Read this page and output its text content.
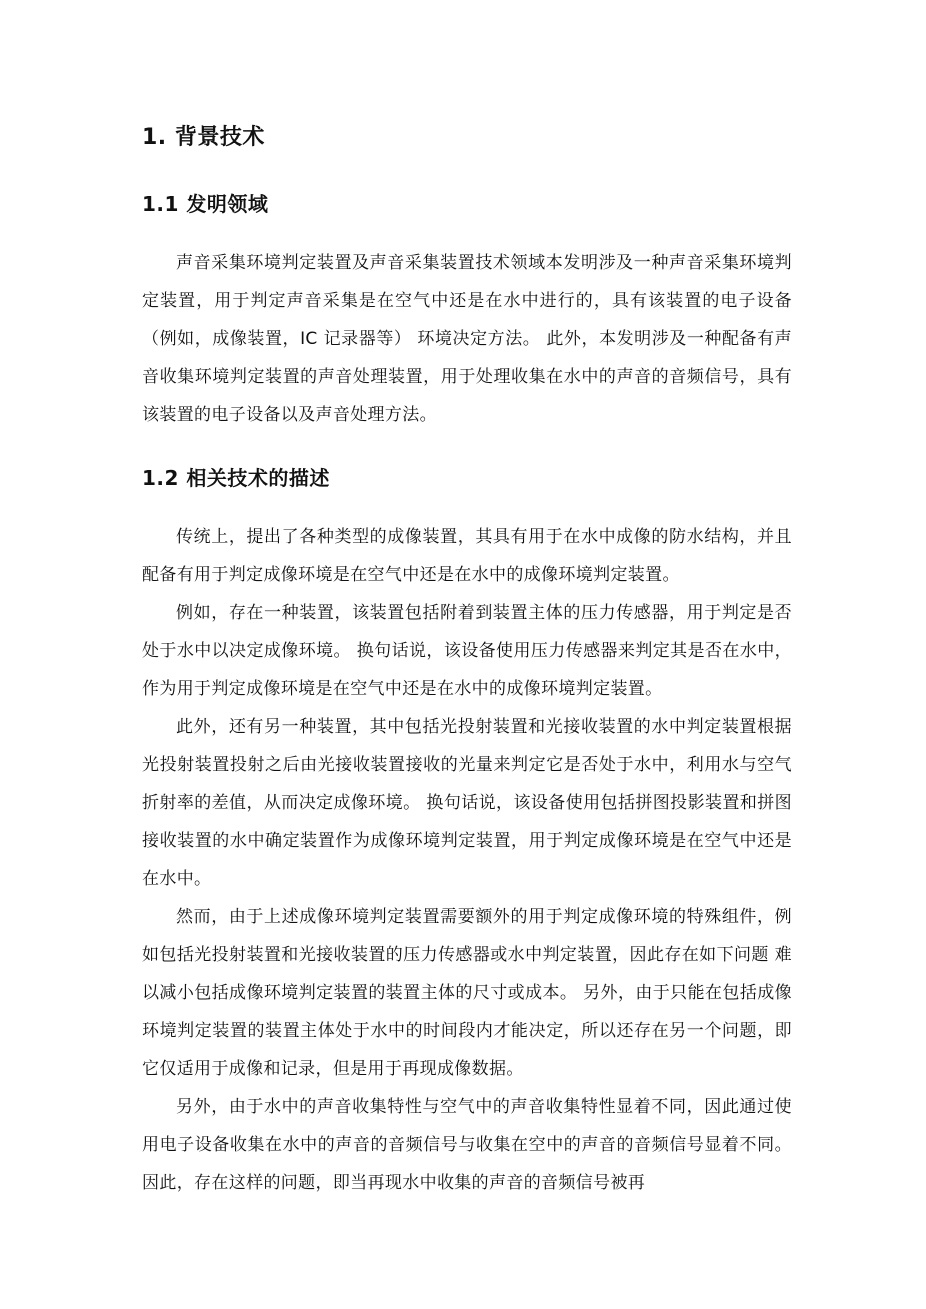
1. 背景技术
1.1 发明领域

声音采集环境判定装置及声音采集装置技术领域本发明涉及一种声音采集环境判定装置，用于判定声音采集是在空气中还是在水中进行的，具有该装置的电子设备（例如，成像装置，IC 记录器等） 环境决定方法。 此外，本发明涉及一种配备有声音收集环境判定装置的声音处理装置，用于处理收集在水中的声音的音频信号，具有该装置的电子设备以及声音处理方法。

1.2 相关技术的描述

传统上，提出了各种类型的成像装置，其具有用于在水中成像的防水结构，并且配备有用于判定成像环境是在空气中还是在水中的成像环境判定装置。

例如，存在一种装置，该装置包括附着到装置主体的压力传感器，用于判定是否处于水中以决定成像环境。 换句话说，该设备使用压力传感器来判定其是否在水中，作为用于判定成像环境是在空气中还是在水中的成像环境判定装置。

此外，还有另一种装置，其中包括光投射装置和光接收装置的水中判定装置根据光投射装置投射之后由光接收装置接收的光量来判定它是否处于水中，利用水与空气折射率的差值，从而决定成像环境。 换句话说，该设备使用包括拼图投影装置和拼图接收装置的水中确定装置作为成像环境判定装置，用于判定成像环境是在空气中还是在水中。

然而，由于上述成像环境判定装置需要额外的用于判定成像环境的特殊组件，例如包括光投射装置和光接收装置的压力传感器或水中判定装置，因此存在如下问题 难以减小包括成像环境判定装置的装置主体的尺寸或成本。 另外，由于只能在包括成像环境判定装置的装置主体处于水中的时间段内才能决定，所以还存在另一个问题，即它仅适用于成像和记录，但是用于再现成像数据。

另外，由于水中的声音收集特性与空气中的声音收集特性显着不同，因此通过使用电子设备收集在水中的声音的音频信号与收集在空中的声音的音频信号显着不同。 因此，存在这样的问题，即当再现水中收集的声音的音频信号被再
